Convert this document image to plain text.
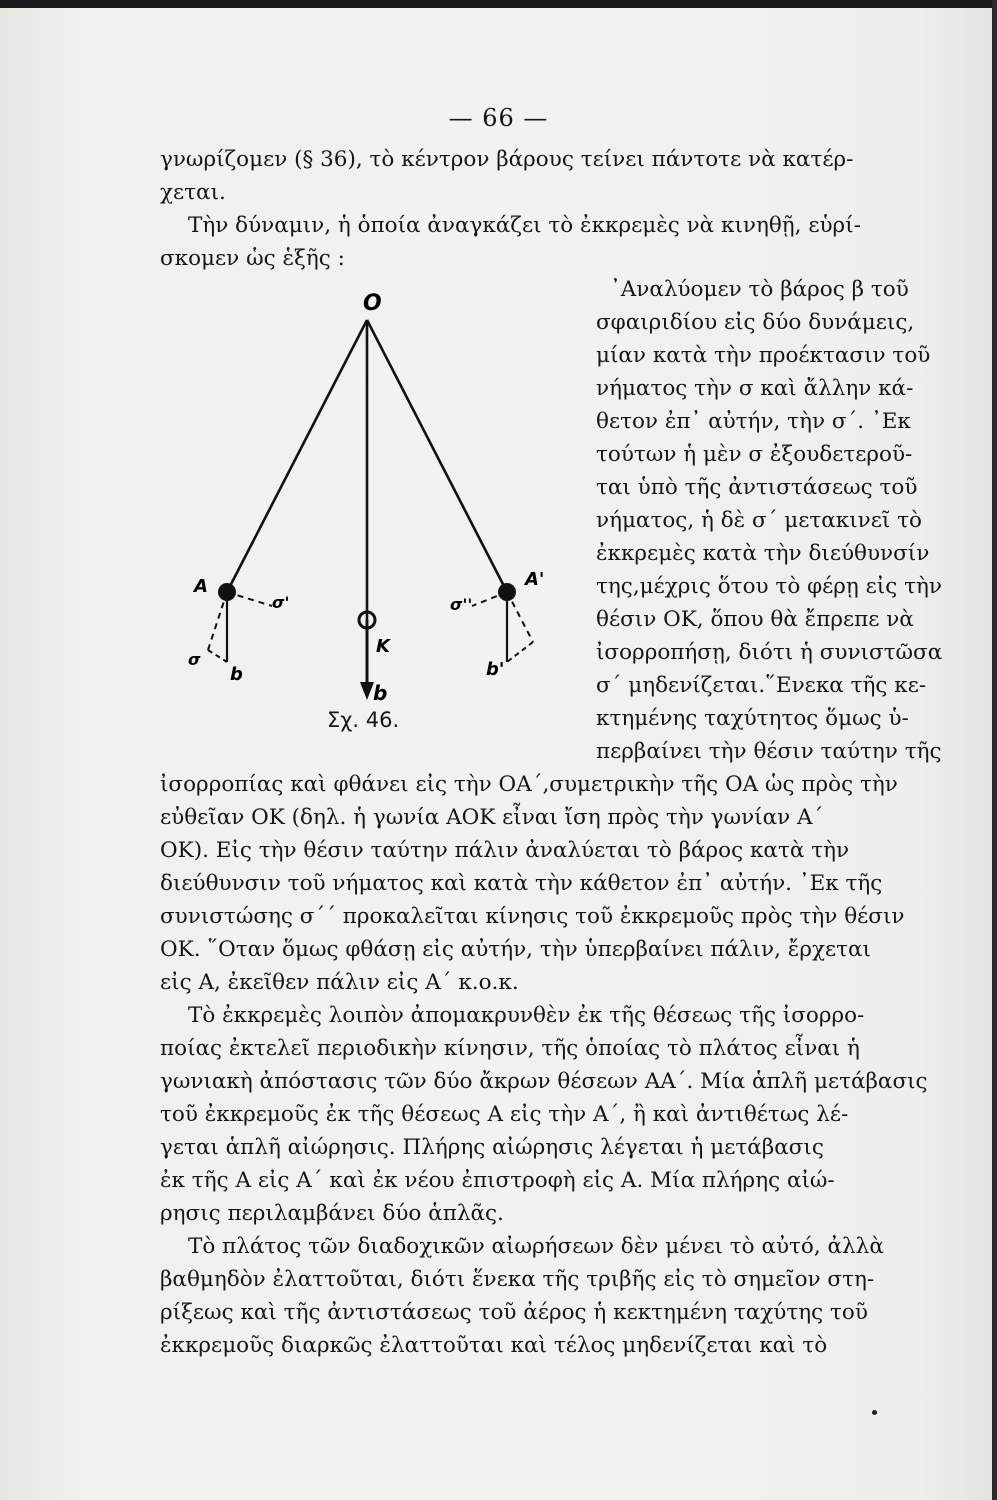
— 66 —
γνωρίζομεν (§ 36), τὸ κέντρον βάρους τείνει πάντοτε νὰ κατέρ-
χεται.
Τὴν δύναμιν, ἡ ὁποία ἀναγκάζει τὸ ἐκκρεμὲς νὰ κινηθῇ, εὑρί-
σκομεν ὡς ἑξῆς :
᾿Αναλύομεν τὸ βάρος β τοῦ
σφαιριδίου εἰς δύο δυνάμεις,
μίαν κατὰ τὴν προέκτασιν τοῦ
νήματος τὴν σ καὶ ἄλλην κά-
θετον ἐπ᾿ αὐτήν, τὴν σ΄. ᾿Εκ
τούτων ἡ μὲν σ ἐξουδετεροῦ-
ται ὑπὸ τῆς ἀντιστάσεως τοῦ
νήματος, ἡ δὲ σ΄ μετακινεῖ τὸ
ἐκκρεμὲς κατὰ τὴν διεύθυνσίν
της,μέχρις ὅτου τὸ φέρῃ εἰς τὴν
θέσιν ΟΚ, ὅπου θὰ ἔπρεπε νὰ
ἰσορροπήσῃ, διότι ἡ συνιστῶσα
σ΄ μηδενίζεται.῞Ενεκα τῆς κε-
κτημένης ταχύτητος ὅμως ὑ-
περβαίνει τὴν θέσιν ταύτην τῆς
O
A	A'
K
b
b	b'
σ
σ'	σ''
Σχ. 46.
ἰσορροπίας καὶ φθάνει εἰς τὴν ΟΑ΄,συμετρικὴν τῆς ΟΑ ὡς πρὸς τὴν
εὐθεῖαν ΟΚ (δηλ. ἡ γωνία ΑΟΚ εἶναι ἴση πρὸς τὴν γωνίαν Α΄
ΟΚ). Εἰς τὴν θέσιν ταύτην πάλιν ἀναλύεται τὸ βάρος κατὰ τὴν
διεύθυνσιν τοῦ νήματος καὶ κατὰ τὴν κάθετον ἐπ᾿ αὐτήν. ᾿Εκ τῆς
συνιστώσης σ΄΄ προκαλεῖται κίνησις τοῦ ἐκκρεμοῦς πρὸς τὴν θέσιν
ΟΚ. ῞Οταν ὅμως φθάσῃ εἰς αὐτήν, τὴν ὑπερβαίνει πάλιν, ἔρχεται
εἰς Α, ἐκεῖθεν πάλιν εἰς Α΄ κ.ο.κ.
Τὸ ἐκκρεμὲς λοιπὸν ἀπομακρυνθὲν ἐκ τῆς θέσεως τῆς ἰσορρο-
ποίας ἐκτελεῖ περιοδικὴν κίνησιν, τῆς ὁποίας τὸ πλάτος εἶναι ἡ
γωνιακὴ ἀπόστασις τῶν δύο ἄκρων θέσεων ΑΑ΄. Μία ἁπλῆ μετάβασις
τοῦ ἐκκρεμοῦς ἐκ τῆς θέσεως Α εἰς τὴν Α΄, ἢ καὶ ἀντιθέτως λέ-
γεται ἁπλῆ αἰώρησις. Πλήρης αἰώρησις λέγεται ἡ μετάβασις
ἐκ τῆς Α εἰς Α΄ καὶ ἐκ νέου ἐπιστροφὴ εἰς Α. Μία πλήρης αἰώ-
ρησις περιλαμβάνει δύο ἁπλᾶς.
Τὸ πλάτος τῶν διαδοχικῶν αἰωρήσεων δὲν μένει τὸ αὐτό, ἀλλὰ
βαθμηδὸν ἐλαττοῦται, διότι ἕνεκα τῆς τριβῆς εἰς τὸ σημεῖον στη-
ρίξεως καὶ τῆς ἀντιστάσεως τοῦ ἀέρος ἡ κεκτημένη ταχύτης τοῦ
ἐκκρεμοῦς διαρκῶς ἐλαττοῦται καὶ τέλος μηδενίζεται καὶ τὸ
